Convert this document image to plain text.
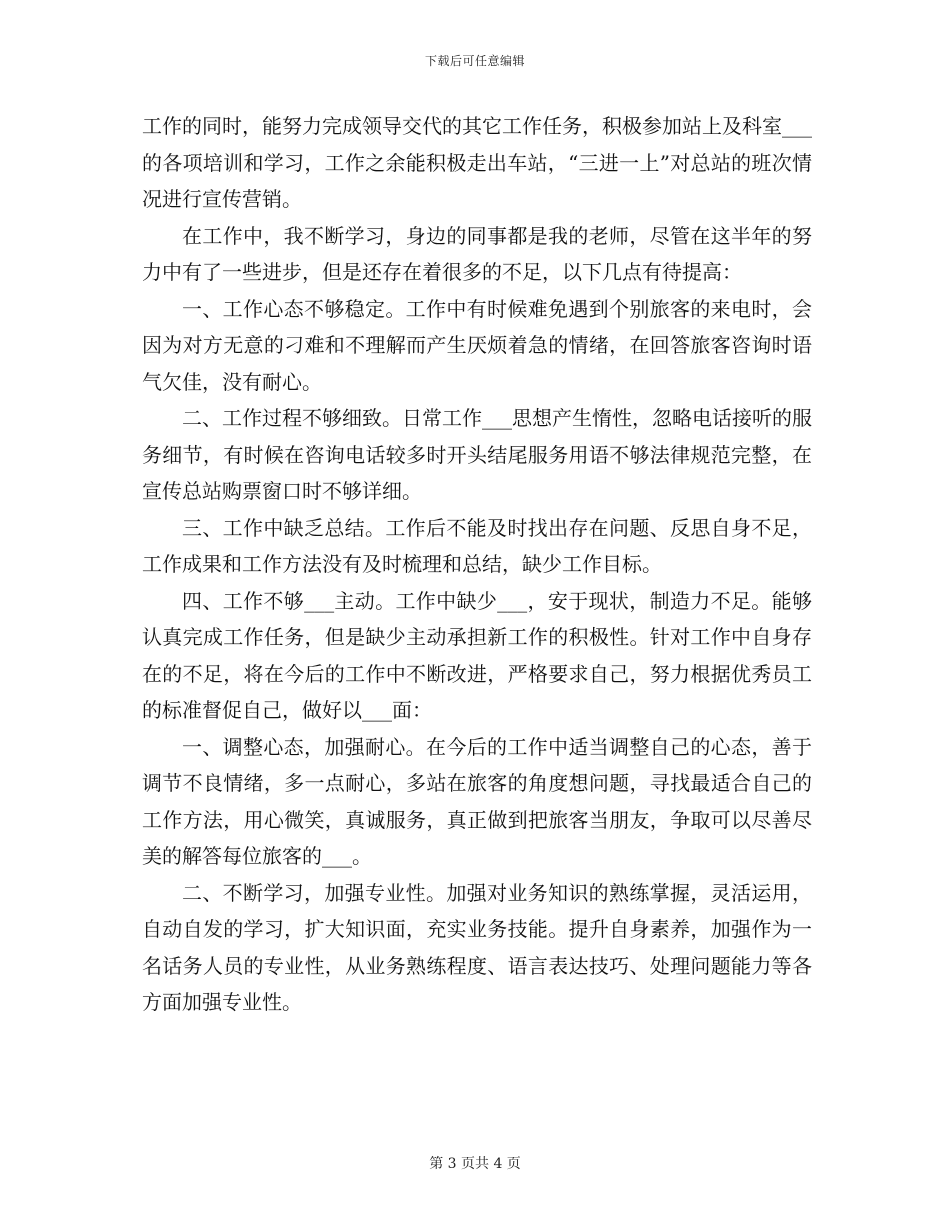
下载后可任意编辑

工作的同时，能努力完成领导交代的其它工作任务，积极参加站上及科室___的各项培训和学习，工作之余能积极走出车站，“三进一上”对总站的班次情况进行宣传营销。

在工作中，我不断学习，身边的同事都是我的老师，尽管在这半年的努力中有了一些进步，但是还存在着很多的不足，以下几点有待提高：

一、工作心态不够稳定。工作中有时候难免遇到个别旅客的来电时，会因为对方无意的刁难和不理解而产生厌烦着急的情绪，在回答旅客咨询时语气欠佳，没有耐心。

二、工作过程不够细致。日常工作___思想产生惰性，忽略电话接听的服务细节，有时候在咨询电话较多时开头结尾服务用语不够法律规范完整，在宣传总站购票窗口时不够详细。

三、工作中缺乏总结。工作后不能及时找出存在问题、反思自身不足，工作成果和工作方法没有及时梳理和总结，缺少工作目标。

四、工作不够___主动。工作中缺少___，安于现状，制造力不足。能够认真完成工作任务，但是缺少主动承担新工作的积极性。针对工作中自身存在的不足，将在今后的工作中不断改进，严格要求自己，努力根据优秀员工的标准督促自己，做好以___面：

一、调整心态，加强耐心。在今后的工作中适当调整自己的心态，善于调节不良情绪，多一点耐心，多站在旅客的角度想问题，寻找最适合自己的工作方法，用心微笑，真诚服务，真正做到把旅客当朋友，争取可以尽善尽美的解答每位旅客的___。

二、不断学习，加强专业性。加强对业务知识的熟练掌握，灵活运用，自动自发的学习，扩大知识面，充实业务技能。提升自身素养，加强作为一名话务人员的专业性，从业务熟练程度、语言表达技巧、处理问题能力等各方面加强专业性。

第 3 页共 4 页
